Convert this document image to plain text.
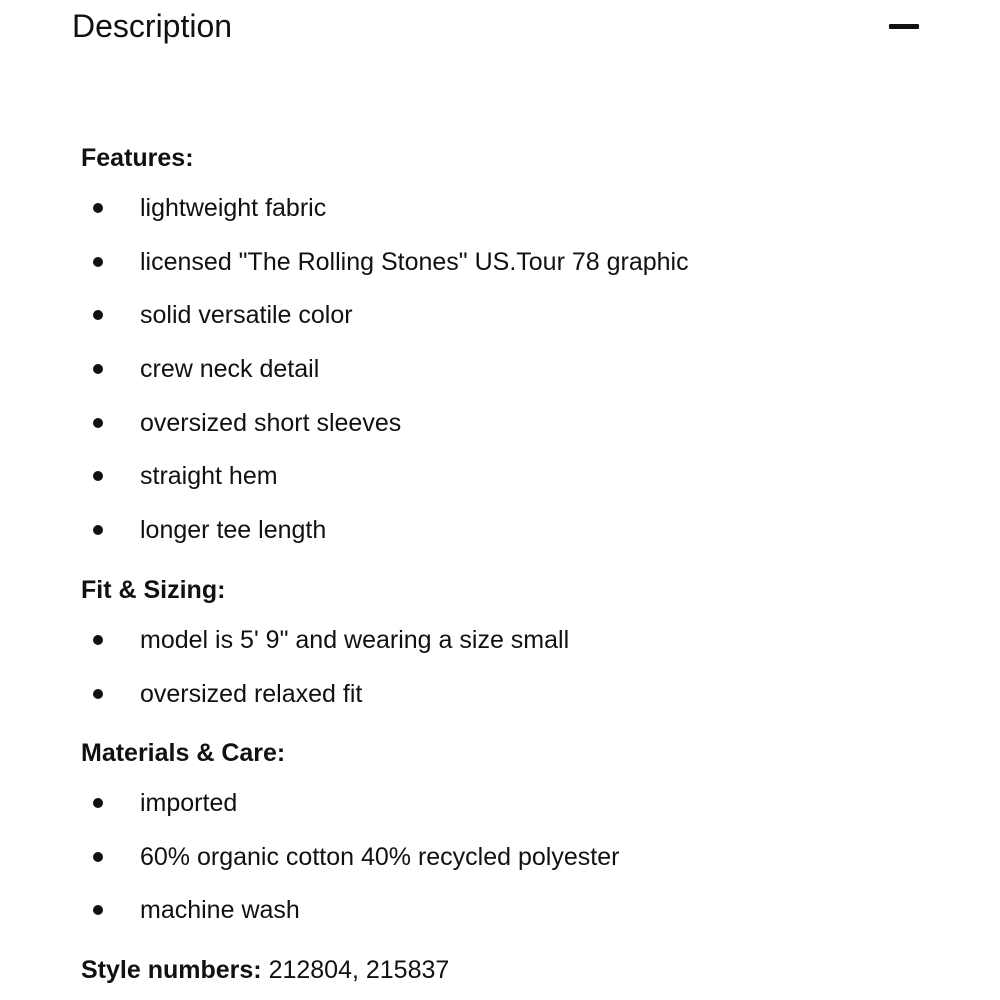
Description
Features:
lightweight fabric
licensed "The Rolling Stones" US.Tour 78 graphic
solid versatile color
crew neck detail
oversized short sleeves
straight hem
longer tee length
Fit & Sizing:
model is 5' 9" and wearing a size small
oversized relaxed fit
Materials & Care:
imported
60% organic cotton 40% recycled polyester
machine wash
Style numbers: 212804, 215837
